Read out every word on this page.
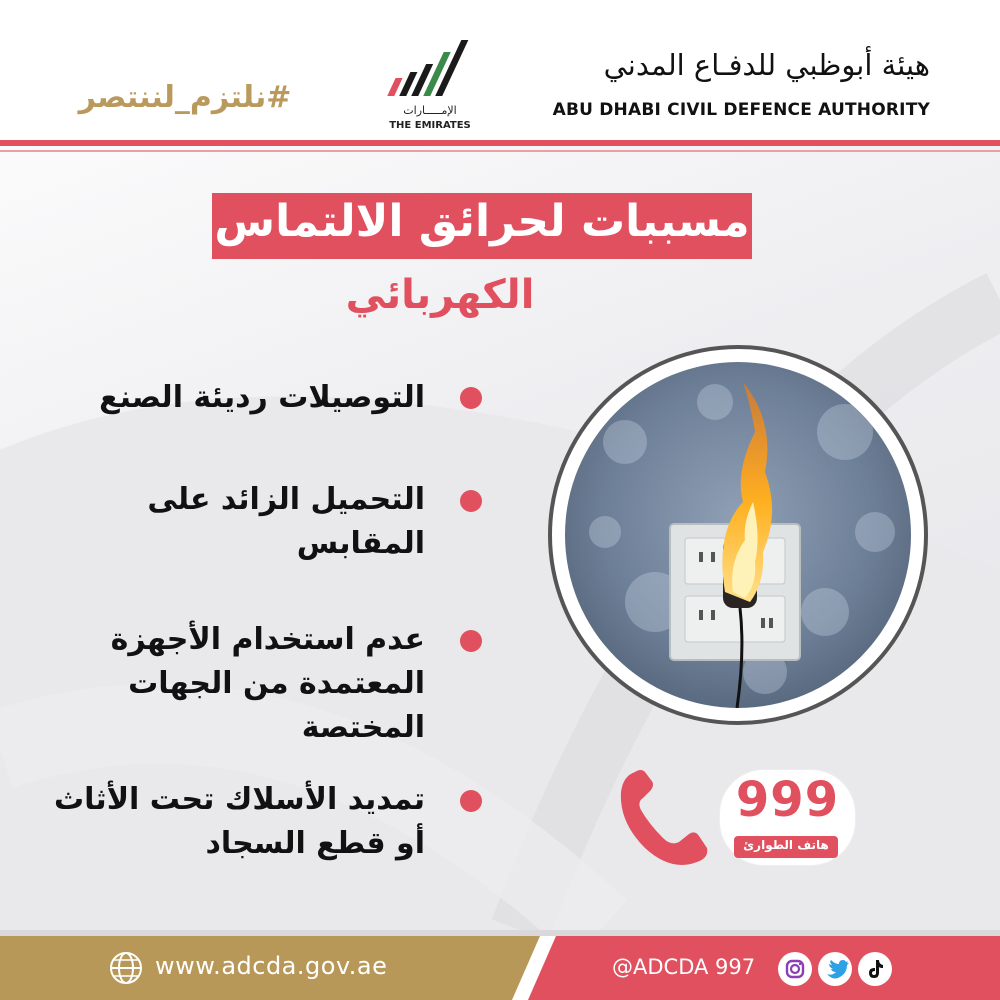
#نلتزم_لننتصر	الإمـــــارات
THE EMIRATES
هيئة أبوظبي للدفـاع المدني
ABU DHABI CIVIL DEFENCE AUTHORITY
مسببات لحرائق الالتماس
الكهربائي
التوصيلات رديئة الصنع
التحميل الزائد على
المقابس
عدم استخدام الأجهزة
المعتمدة من الجهات
المختصة
تمديد الأسلاك تحت الأثاث
أو قطع السجاد
999
هاتف الطوارئ
www.adcda.gov.ae	@ADCDA 997
